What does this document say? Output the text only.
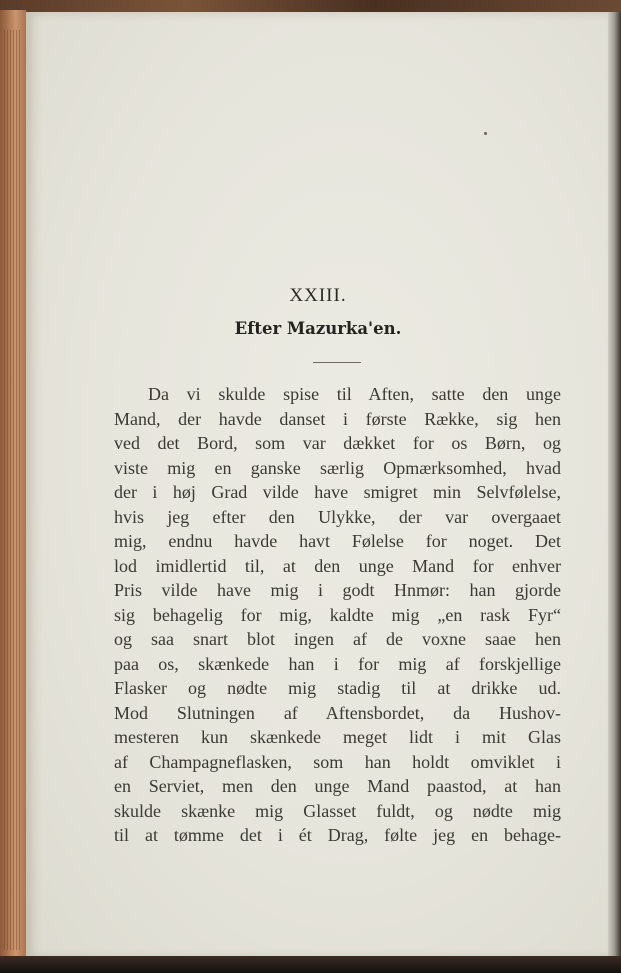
XXIII.
Efter Mazurka'en.
Da vi skulde spise til Aften, satte den unge
Mand, der havde danset i første Række, sig hen
ved det Bord, som var dækket for os Børn, og
viste mig en ganske særlig Opmærksomhed, hvad
der i høj Grad vilde have smigret min Selvfølelse,
hvis jeg efter den Ulykke, der var overgaaet
mig, endnu havde havt Følelse for noget. Det
lod imidlertid til, at den unge Mand for enhver
Pris vilde have mig i godt Hnmør: han gjorde
sig behagelig for mig, kaldte mig „en rask Fyr“
og saa snart blot ingen af de voxne saae hen
paa os, skænkede han i for mig af forskjellige
Flasker og nødte mig stadig til at drikke ud.
Mod Slutningen af Aftensbordet, da Hushov-
mesteren kun skænkede meget lidt i mit Glas
af Champagneflasken, som han holdt omviklet i
en Serviet, men den unge Mand paastod, at han
skulde skænke mig Glasset fuldt, og nødte mig
til at tømme det i ét Drag, følte jeg en behage-
